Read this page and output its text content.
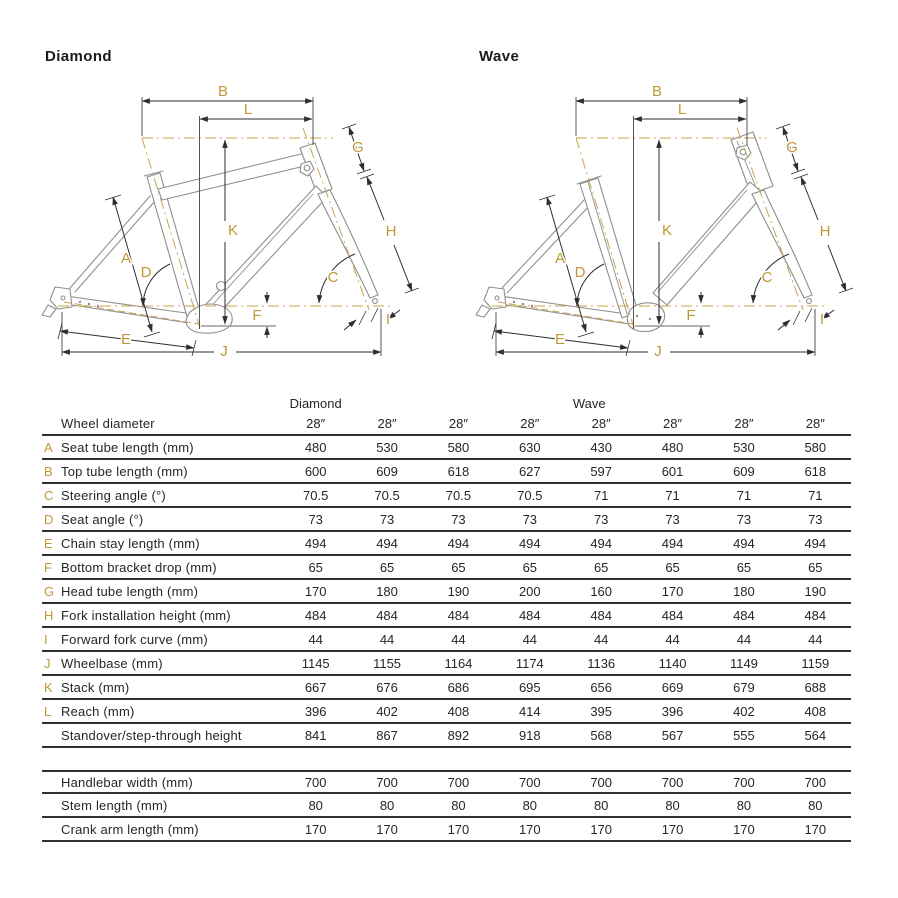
Diamond	Wave
B
L
G
K	H
A
D	C
F	I
E
J
B
L
G
K	H
A
D	C
F	I
E
J
Diamond	Wave
Wheel diameter	28″	28″	28″	28″	28″	28″	28″	28″
A Seat tube length (mm)	480	530	580	630	430	480	530	580
B Top tube length (mm)	600	609	618	627	597	601	609	618
C Steering angle (°)	70.5	70.5	70.5	70.5	71	71	71	71
D Seat angle (°)	73	73	73	73	73	73	73	73
E Chain stay length (mm)	494	494	494	494	494	494	494	494
F Bottom bracket drop (mm)	65	65	65	65	65	65	65	65
G Head tube length (mm)	170	180	190	200	160	170	180	190
H Fork installation height (mm)	484	484	484	484	484	484	484	484
I	Forward fork curve (mm)	44	44	44	44	44	44	44	44
J Wheelbase (mm)	1145	1155	1164	1174	1136	1140	1149	1159
K Stack (mm)	667	676	686	695	656	669	679	688
L Reach (mm)	396	402	408	414	395	396	402	408
Standover/step-through height	841	867	892	918	568	567	555	564
Handlebar width (mm)	700	700	700	700	700	700	700	700
Stem length (mm)	80	80	80	80	80	80	80	80
Crank arm length (mm)	170	170	170	170	170	170	170	170
